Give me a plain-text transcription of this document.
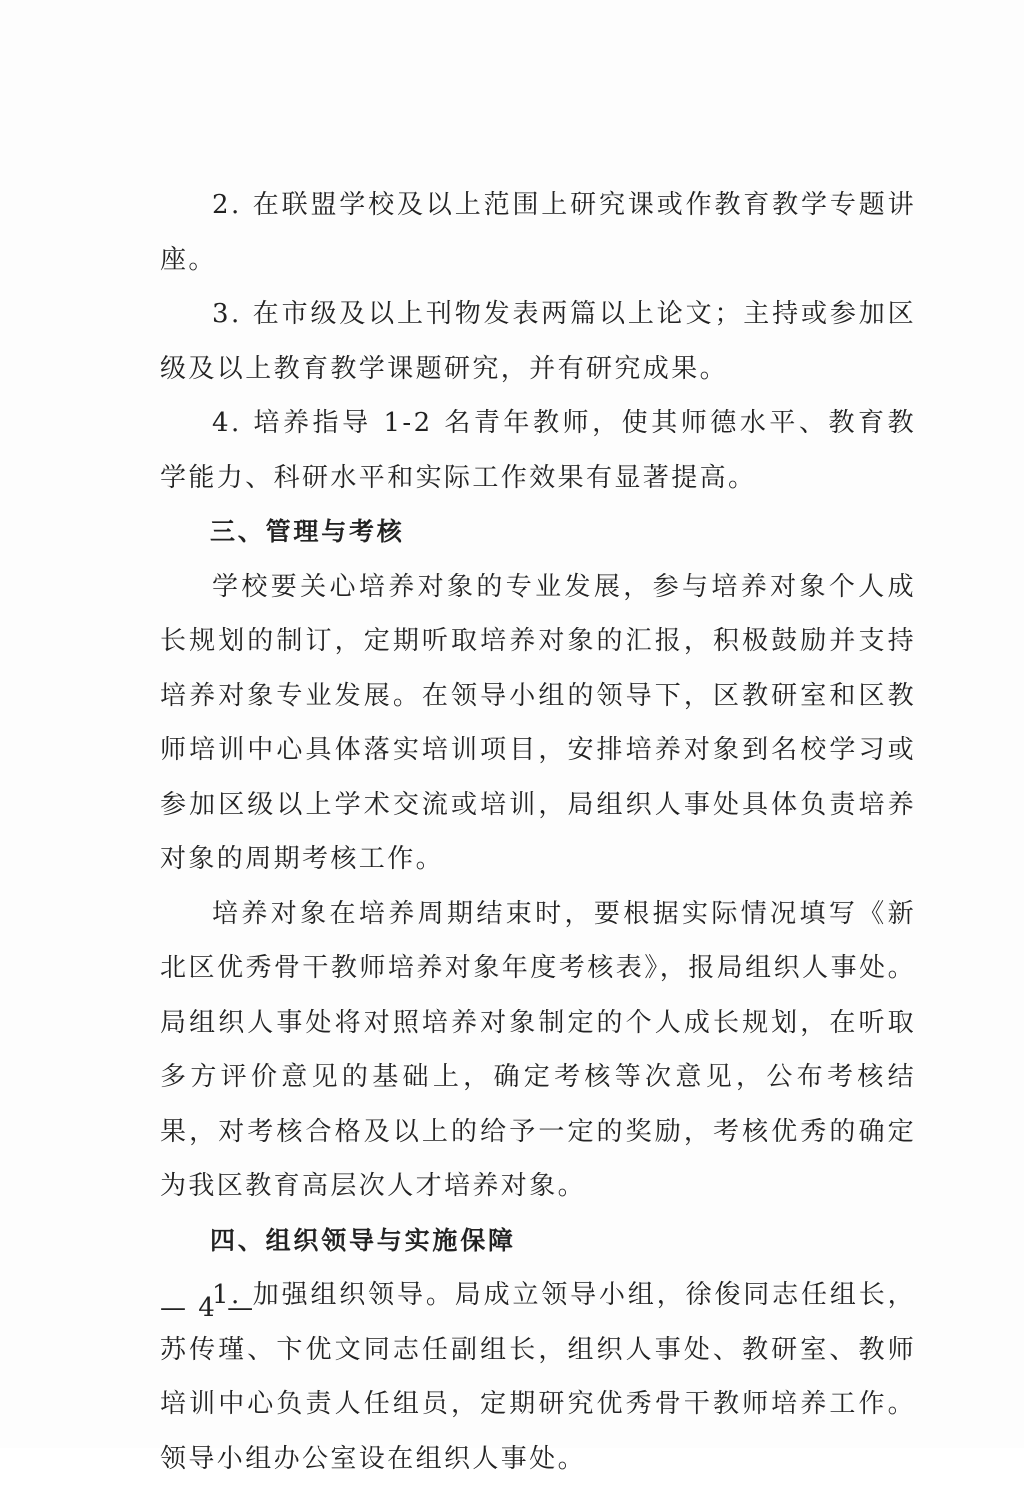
2. 在联盟学校及以上范围上研究课或作教育教学专题讲座。

3. 在市级及以上刊物发表两篇以上论文；主持或参加区级及以上教育教学课题研究，并有研究成果。

4. 培养指导 1-2 名青年教师，使其师德水平、教育教学能力、科研水平和实际工作效果有显著提高。

三、管理与考核

学校要关心培养对象的专业发展，参与培养对象个人成长规划的制订，定期听取培养对象的汇报，积极鼓励并支持培养对象专业发展。在领导小组的领导下，区教研室和区教师培训中心具体落实培训项目，安排培养对象到名校学习或参加区级以上学术交流或培训，局组织人事处具体负责培养对象的周期考核工作。

培养对象在培养周期结束时，要根据实际情况填写《新北区优秀骨干教师培养对象年度考核表》，报局组织人事处。局组织人事处将对照培养对象制定的个人成长规划，在听取多方评价意见的基础上，确定考核等次意见，公布考核结果，对考核合格及以上的给予一定的奖励，考核优秀的确定为我区教育高层次人才培养对象。

四、组织领导与实施保障

1. 加强组织领导。局成立领导小组，徐俊同志任组长，苏传瑾、卞优文同志任副组长，组织人事处、教研室、教师培训中心负责人任组员，定期研究优秀骨干教师培养工作。领导小组办公室设在组织人事处。

— 4 —
